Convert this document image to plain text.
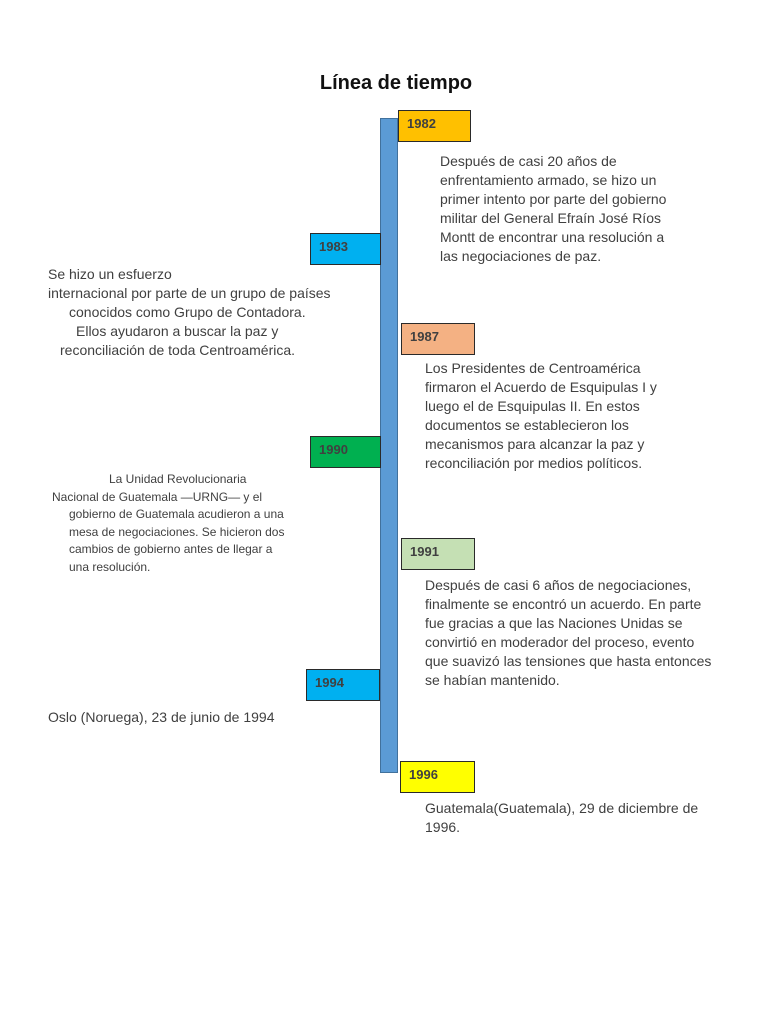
Línea de tiempo
1982
Después de casi 20 años de
enfrentamiento armado, se hizo un
primer intento por parte del gobierno
militar del General Efraín José Ríos
Montt de encontrar una resolución a
las negociaciones de paz.
1983
Se hizo un esfuerzo
internacional por parte de un grupo de países
conocidos como Grupo de Contadora.
Ellos ayudaron a buscar la paz y
reconciliación de toda Centroamérica.
1987
Los Presidentes de Centroamérica
firmaron el Acuerdo de Esquipulas I y
luego el de Esquipulas II. En estos
documentos se establecieron los
mecanismos para alcanzar la paz y
reconciliación por medios políticos.
1990
La Unidad Revolucionaria
Nacional de Guatemala —URNG— y el
gobierno de Guatemala acudieron a una
mesa de negociaciones. Se hicieron dos
cambios de gobierno antes de llegar a
una resolución.
1991
Después de casi 6 años de negociaciones,
finalmente se encontró un acuerdo. En parte
fue gracias a que las Naciones Unidas se
convirtió en moderador del proceso, evento
que suavizó las tensiones que hasta entonces
se habían mantenido.
1994
Oslo (Noruega), 23 de junio de 1994
1996
Guatemala(Guatemala), 29 de diciembre de
1996.
